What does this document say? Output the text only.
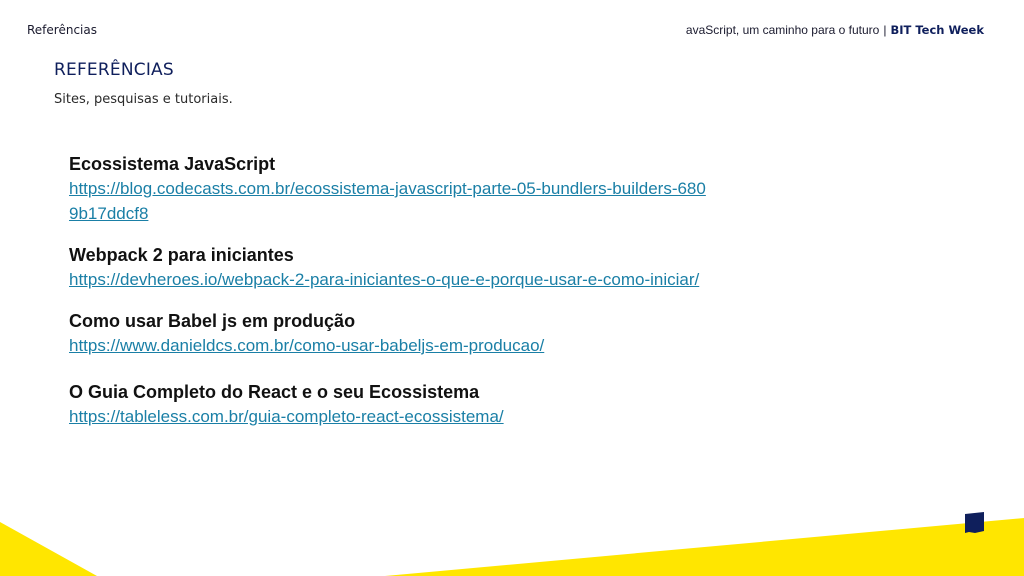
Referências	avaScript, um caminho para o futuro | BIT Tech Week
REFERÊNCIAS
Sites, pesquisas e tutoriais.
Ecossistema JavaScript
https://blog.codecasts.com.br/ecossistema-javascript-parte-05-bundlers-builders-6809b17ddcf8
Webpack 2 para iniciantes
https://devheroes.io/webpack-2-para-iniciantes-o-que-e-porque-usar-e-como-iniciar/
Como usar Babel js em produção
https://www.danieldcs.com.br/como-usar-babeljs-em-producao/
O Guia Completo do React e o seu Ecossistema
https://tableless.com.br/guia-completo-react-ecossistema/
